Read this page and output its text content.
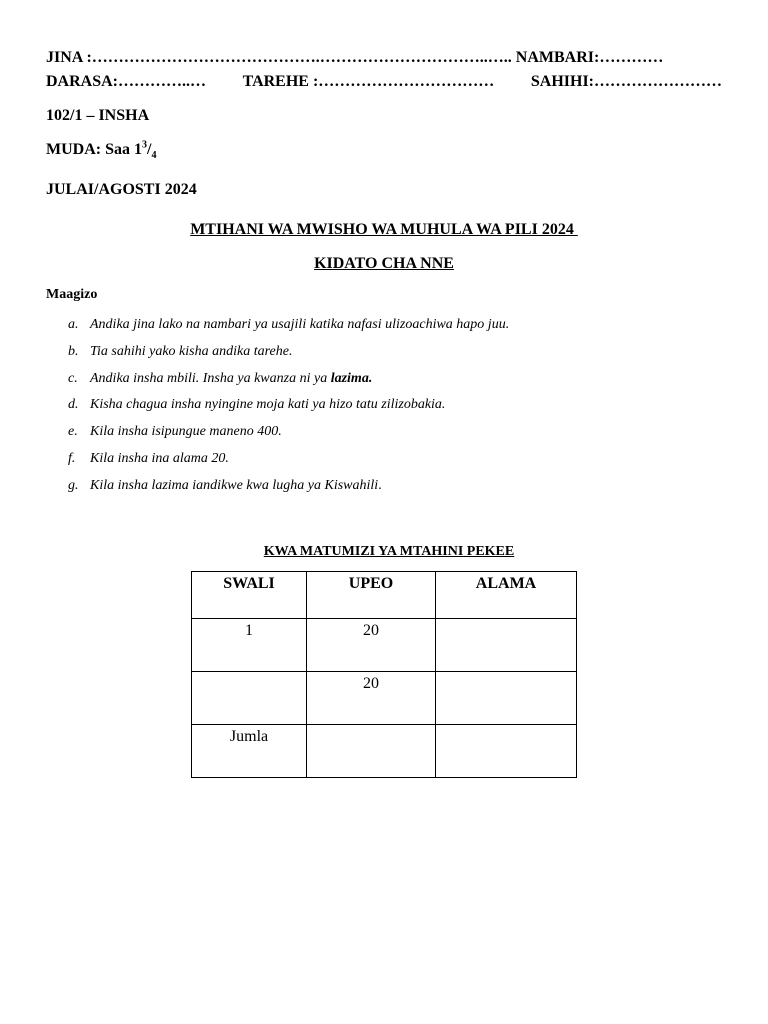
JINA :…………………………………….…………………………..….. NAMBARI:…………
DARASA:…………..… TAREHE :…………………………… SAHIHI:……………………
102/1 – INSHA
MUDA: Saa $1^3/_4$
JULAI/AGOSTI 2024
MTIHANI WA MWISHO WA MUHULA WA PILI 2024
KIDATO CHA NNE
Maagizo
a. Andika jina lako na nambari ya usajili katika nafasi ulizoachiwa hapo juu.
b. Tia sahihi yako kisha andika tarehe.
c. Andika insha mbili. Insha ya kwanza ni ya lazima.
d. Kisha chagua insha nyingine moja kati ya hizo tatu zilizobakia.
e. Kila insha isipungue maneno 400.
f. Kila insha ina alama 20.
g. Kila insha lazima iandikwe kwa lugha ya Kiswahili.
KWA MATUMIZI YA MTAHINI PEKEE
SWALI	UPEO	ALAMA
1	20	
	20	
Jumla		
